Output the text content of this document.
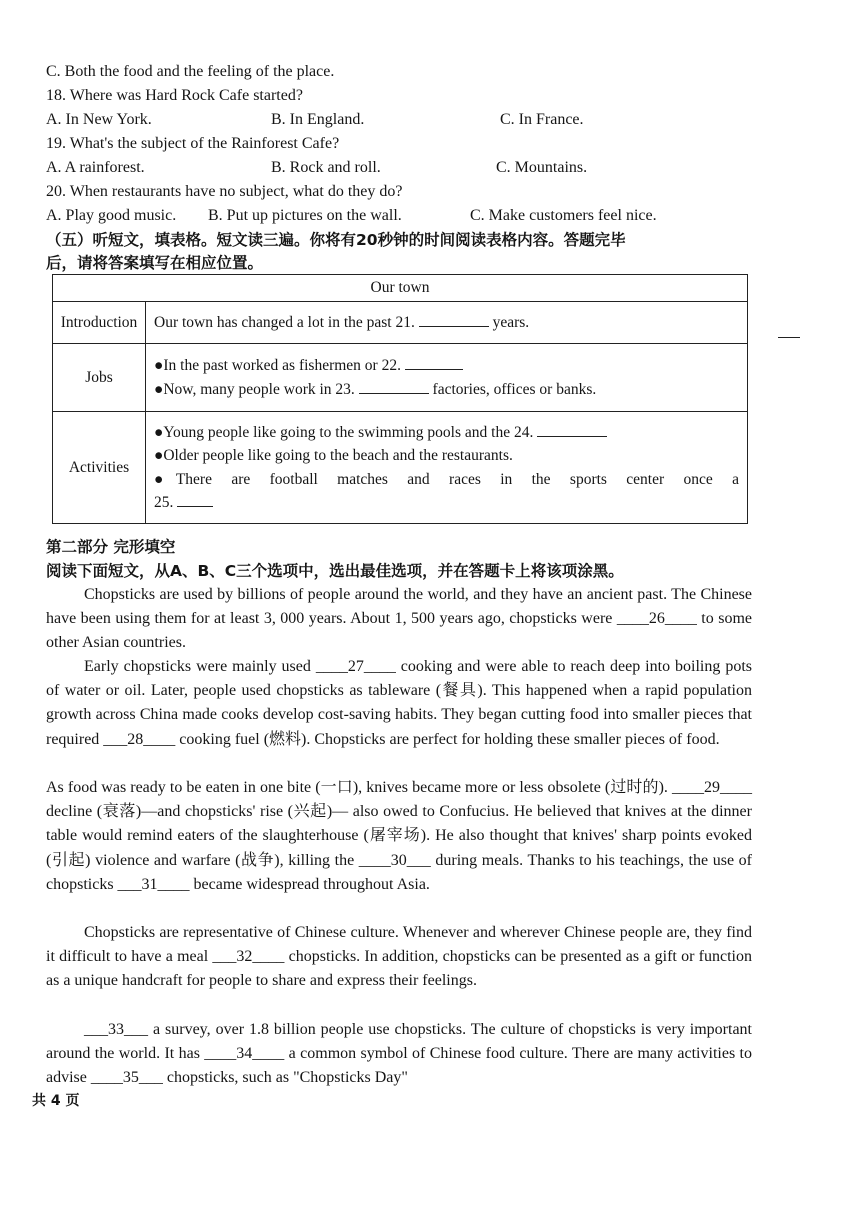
C. Both the food and the feeling of the place.
18. Where was Hard Rock Cafe started?
A. In New York.	B. In England.	C. In France.
19. What's the subject of the Rainforest Cafe?
A. A rainforest.	B. Rock and roll.	C. Mountains.
20. When restaurants have no subject, what do they do?
A. Play good music. B. Put up pictures on the wall.	C. Make customers feel nice.
（五）听短文，填表格。短文读三遍。你将有20秒钟的时间阅读表格内容。答题完毕
后，请将答案填写在相应位置。
Our town	
Introduction	Our town has changed a lot in the past 21. years.

Jobs	●In the past worked as fishermen or 22.
●Now, many people work in 23. factories, offices or banks.

Activities	●Young people like going to the swimming pools and the 24.
●Older people like going to the beach and the restaurants.
●There are football matches and races in the sports center once a
25.
第二部分 完形填空
阅读下面短文，从A、B、C三个选项中，选出最佳选项，并在答题卡上将该项涂黑。
Chopsticks are used by billions of people around the world, and they have an ancient past. The Chinese have been using them for at least 3, 000 years. About 1, 500 years ago, chopsticks were ____26____ to some other Asian countries.
Early chopsticks were mainly used ____27____ cooking and were able to reach deep into boiling pots of water or oil. Later, people used chopsticks as tableware (餐具). This happened when a rapid population growth across China made cooks develop cost-saving habits. They began cutting food into smaller pieces that required ___28____ cooking fuel (燃料). Chopsticks are perfect for holding these smaller pieces of food.
As food was ready to be eaten in one bite (一口), knives became more or less obsolete (过时的). ____29____ decline (衰落)—and chopsticks' rise (兴起)— also owed to Confucius. He believed that knives at the dinner table would remind eaters of the slaughterhouse (屠宰场). He also thought that knives' sharp points evoked (引起) violence and warfare (战争), killing the ____30___ during meals. Thanks to his teachings, the use of chopsticks ___31____ became widespread throughout Asia.
Chopsticks are representative of Chinese culture. Whenever and wherever Chinese people are, they find it difficult to have a meal ___32____ chopsticks. In addition, chopsticks can be presented as a gift or function as a unique handcraft for people to share and express their feelings.
___33___ a survey, over 1.8 billion people use chopsticks. The culture of chopsticks is very important around the world. It has ____34____ a common symbol of Chinese food culture. There are many activities to advise ____35___ chopsticks, such as "Chopsticks Day"
共 4 页
